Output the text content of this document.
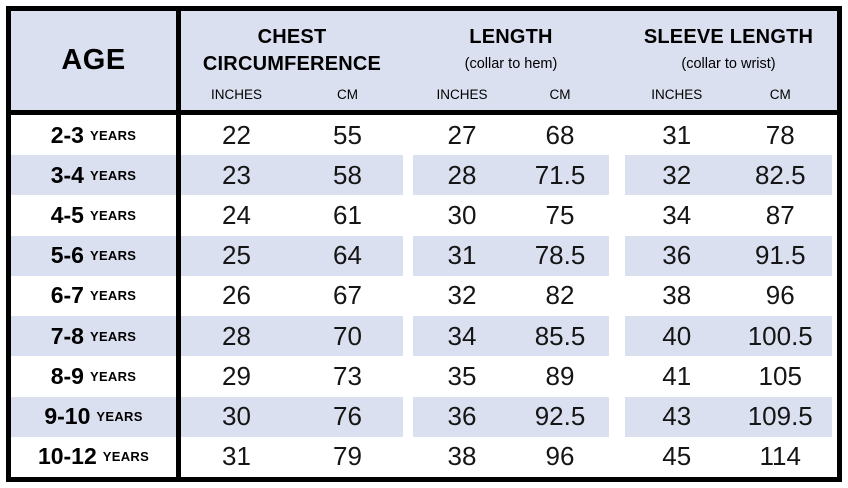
AGE
CHEST
CIRCUMFERENCE
INCHES	CM
LENGTH
(collar to hem)
INCHES	CM
SLEEVE LENGTH
(collar to wrist)
INCHES	CM
2-3 YEARS	22	55	27	68	31	78
3-4 YEARS	23	58	28	71.5	32	82.5
4-5 YEARS	24	61	30	75	34	87
5-6 YEARS	25	64	31	78.5	36	91.5
6-7 YEARS	26	67	32	82	38	96
7-8 YEARS	28	70	34	85.5	40	100.5
8-9 YEARS	29	73	35	89	41	105
9-10 YEARS	30	76	36	92.5	43	109.5
10-12 YEARS	31	79	38	96	45	114
